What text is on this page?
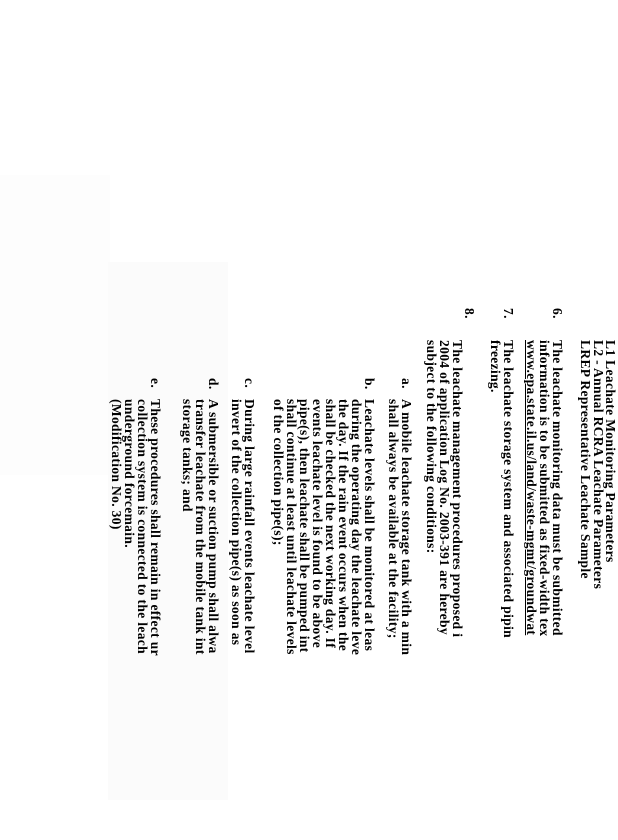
L1 Leachate Monitoring Parameters
L2 - Annual RCRA Leachate Parameters
LREP Representative Leachate Sample
6.
The leachate monitoring data must be submitted
information is to be submitted as fixed-width tex
www.epa.state.il.us/land/waste-mgmt/groundwat
7.
The leachate storage system and associated pipin
freezing.
8.
The leachate management procedures proposed i
2004 of application Log No. 2003-391 are hereby
subject to the following conditions:
a.
A mobile leachate storage tank with a min
shall always be available at the facility;
b.
Leachate levels shall be monitored at leas
during the operating day the leachate leve
the day. If the rain event occurs when the
shall be checked the next working day. If
events leachate level is found to be above
pipe(s), then leachate shall be pumped int
shall continue at least until leachate levels
of the collection pipe(s);
c.
During large rainfall events leachate level
invert of the collection pipe(s) as soon as
d.
A submersible or suction pump shall alwa
transfer leachate from the mobile tank int
storage tanks; and
e.
These procedures shall remain in effect ur
collection system is connected to the leach
underground forcemain.
(Modification No. 30)
